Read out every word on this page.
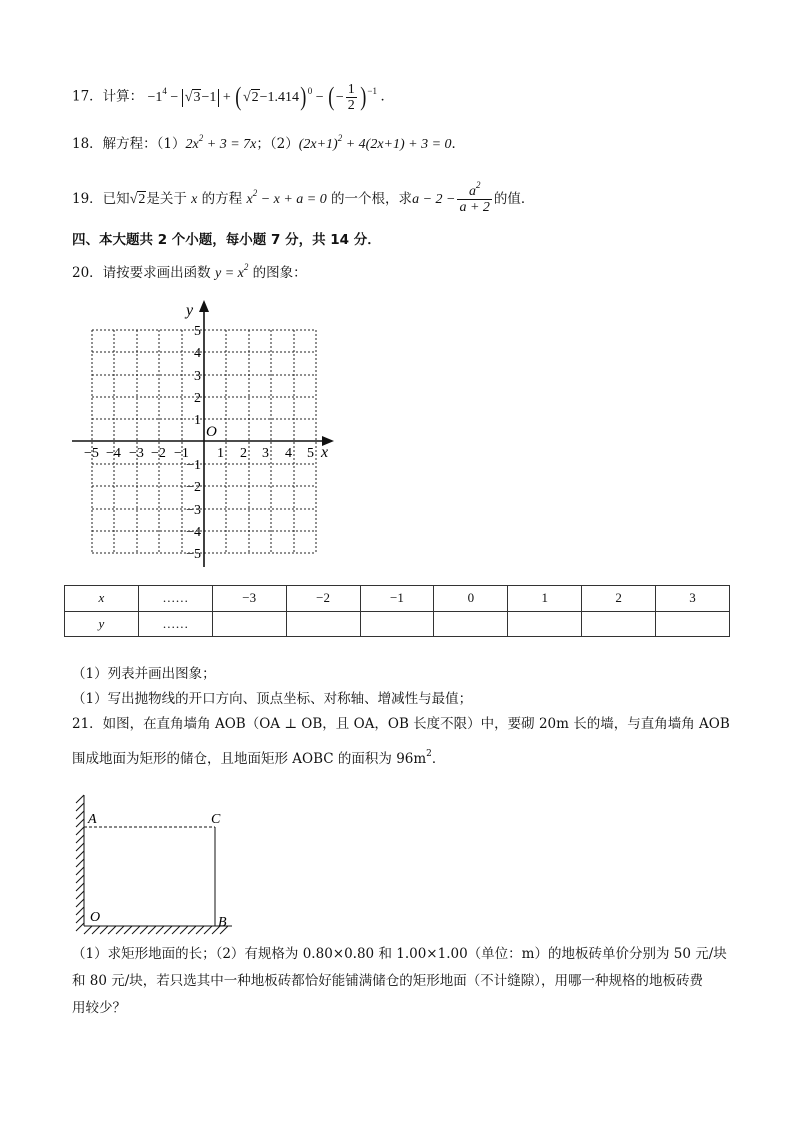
17．计算： $-1^4 - √3-1 + (√2-1.414)^0$ − (− $\frac{1}{2} )^{-1}$ ．
18．解方程：$(1)2x^2 + 3 = 7x$；$(2)(2x+1)^2 + 4(2x+1) + 3 = 0$．
19．已知√2是关于 x 的方程 $x^2 - x + a = 0$ 的一个根，求$a - 2 - \frac{a^2}{a + 2}$ 的值．
四、本大题共 2 个小题，每小题 7 分，共 14 分．
20．请按要求画出函数 $y = x^2$ 的图象：
x
y
O
−5 −4 −3 −2 −1 1 2 3 4 5
5
4
3
2
1
−1
−2
−3
−4
−5
x	……	−3	−2	−1	0	1	2	3
y	……							
（1）列表并画出图象；
（1）写出抛物线的开口方向、顶点坐标、对称轴、增减性与最值；
21．如图，在直角墙角 AOB（OA ⊥ OB，且 OA，OB 长度不限）中，要砌 20m 长的墙，与直角墙角 AOB
围成地面为矩形的储仓，且地面矩形 AOBC 的面积为 $96m^2$．
A	C
O	B
（1）求矩形地面的长；（2）有规格为 0.80×0.80 和 1.00×1.00（单位：m）的地板砖单价分别为 50 元/块
和 80 元/块，若只选其中一种地板砖都恰好能铺满储仓的矩形地面（不计缝隙），用哪一种规格的地板砖费
用较少？
